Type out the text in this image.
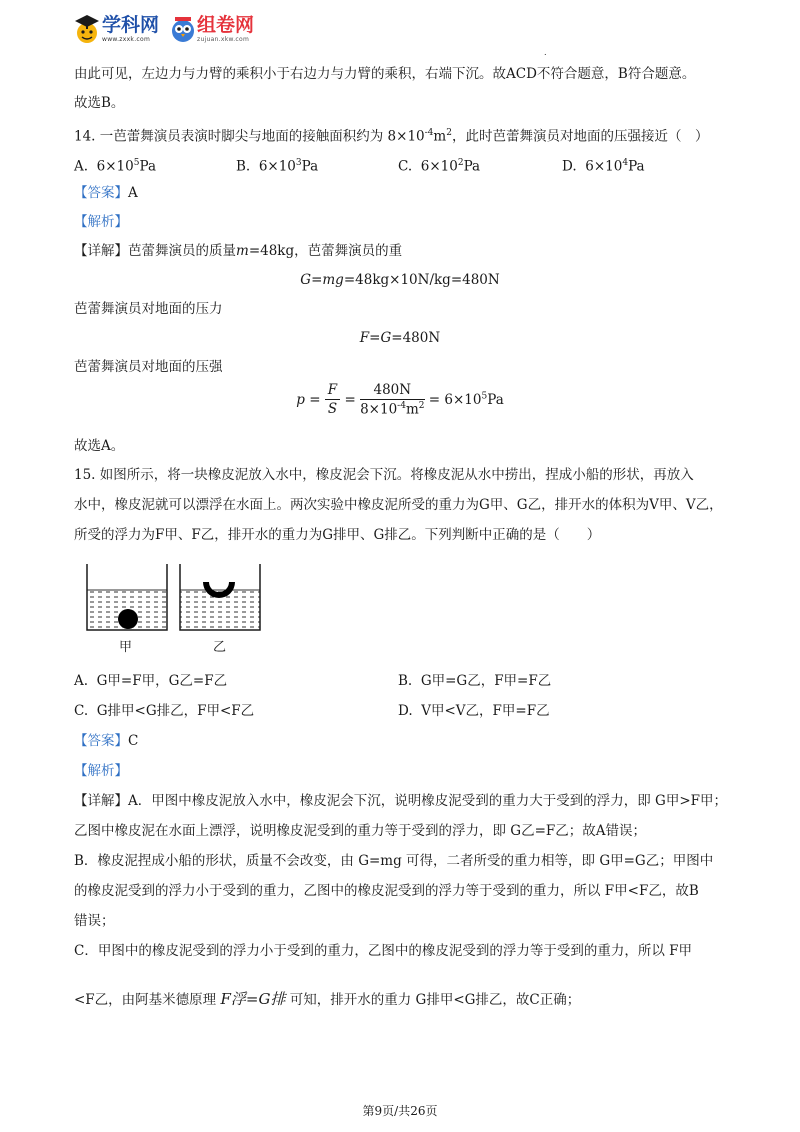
学科网
www.zxxk.com
组卷网
zujuan.xkw.com
.
由此可见，左边力与力臂的乘积小于右边力与力臂的乘积，右端下沉。故ACD不符合题意，B符合题意。
故选B。
14. 一芭蕾舞演员表演时脚尖与地面的接触面积约为 $8\times 10^{-4}m^2$，此时芭蕾舞演员对地面的压强接近（　）
A. $6\times 10^5Pa$	B. $6\times 10^3Pa$	C. $6\times 10^2Pa$	D. $6\times 10^4Pa$
【答案】A
【解析】
【详解】芭蕾舞演员的质量m=48kg，芭蕾舞演员的重
G=mg=48kg×10N/kg=480N
芭蕾舞演员对地面的压力
F=G=480N
芭蕾舞演员对地面的压强
$p = \frac{F}{S} = \frac{480N}{8\times 10^{-4}m^2} = 6\times 10^5Pa$
故选A。
15. 如图所示，将一块橡皮泥放入水中，橡皮泥会下沉。将橡皮泥从水中捞出，捏成小船的形状，再放入
水中，橡皮泥就可以漂浮在水面上。两次实验中橡皮泥所受的重力为G甲、G乙，排开水的体积为V甲、V乙，
所受的浮力为F甲、F乙，排开水的重力为G排甲、G排乙。下列判断中正确的是（　　）
甲	乙
A. G甲=F甲，G乙=F乙	B. G甲=G乙，F甲=F乙
C. G排甲<G排乙，F甲<F乙	D. V甲<V乙，F甲=F乙
【答案】C
【解析】
【详解】A．甲图中橡皮泥放入水中，橡皮泥会下沉，说明橡皮泥受到的重力大于受到的浮力，即 G甲>F甲；
乙图中橡皮泥在水面上漂浮，说明橡皮泥受到的重力等于受到的浮力，即 G乙=F乙；故A错误；
B．橡皮泥捏成小船的形状，质量不会改变，由 G=mg 可得，二者所受的重力相等，即 G甲=G乙；甲图中
的橡皮泥受到的浮力小于受到的重力，乙图中的橡皮泥受到的浮力等于受到的重力，所以 F甲<F乙，故B
错误；
C．甲图中的橡皮泥受到的浮力小于受到的重力，乙图中的橡皮泥受到的浮力等于受到的重力，所以 F甲
<F乙，由阿基米德原理 F浮=G排 可知，排开水的重力 G排甲<G排乙，故C正确；
第9页/共26页
